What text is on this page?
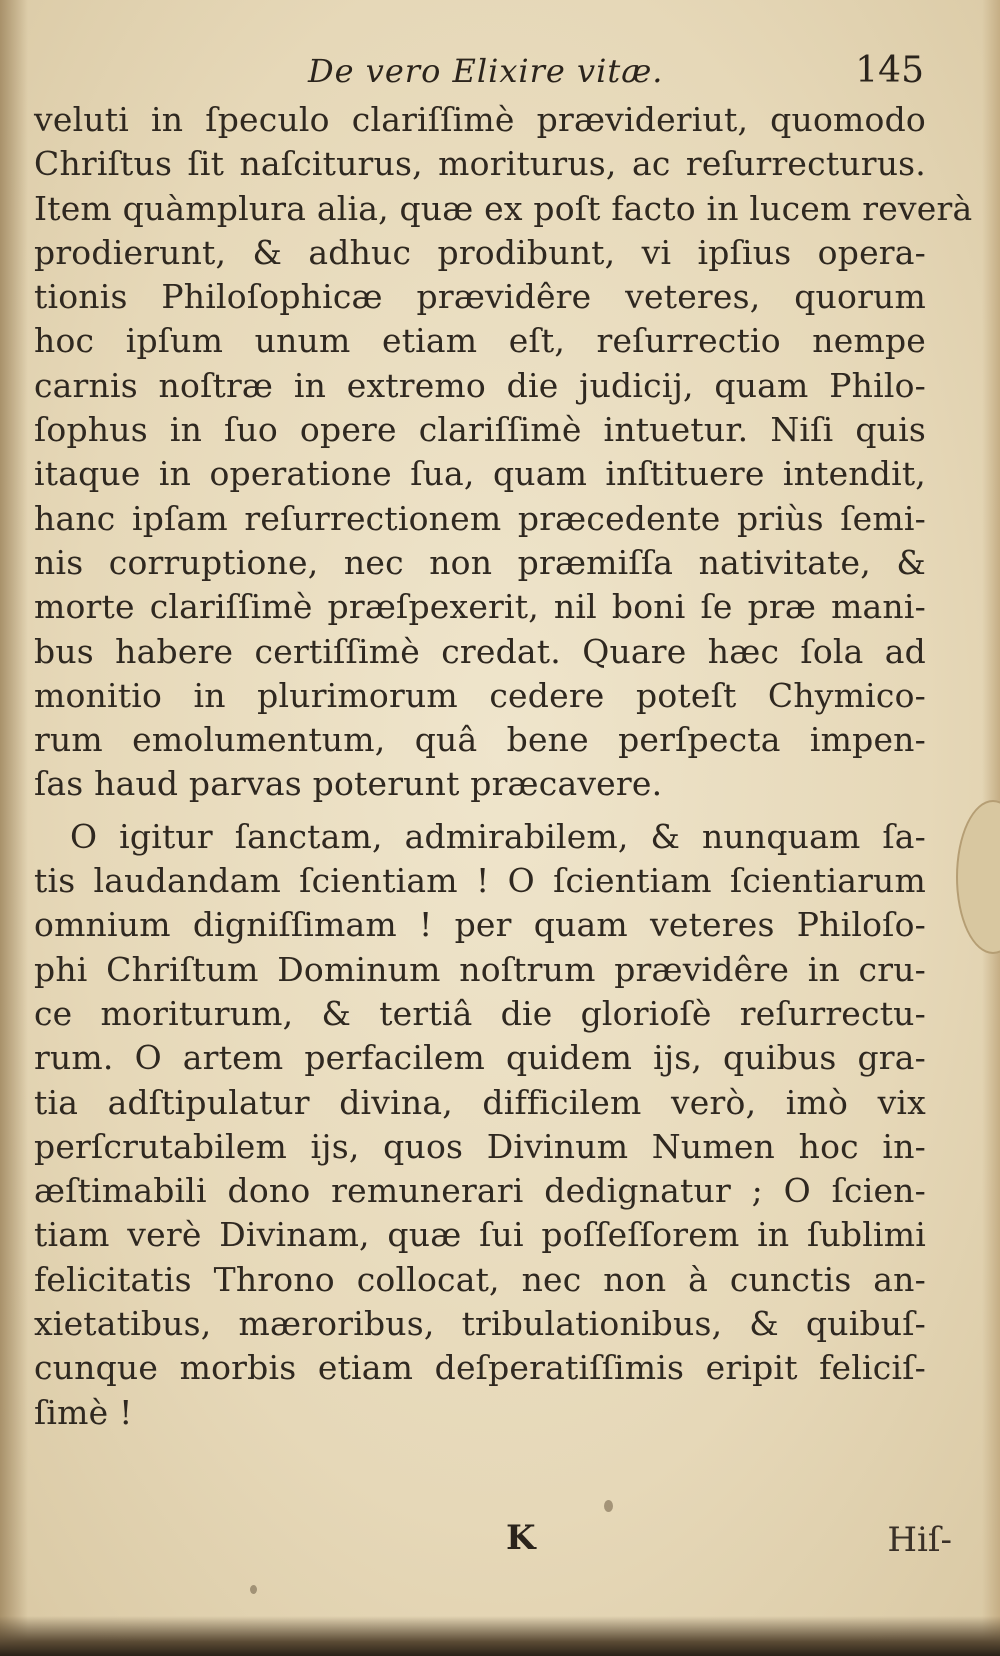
De vero Elixire vitæ.	145
veluti in ſpeculo clariſſimè prævideriut, quomodo
Chriſtus ſit naſciturus, moriturus, ac reſurrecturus.
Item quàmplura alia, quæ ex poſt facto in lucem reverà
prodierunt, & adhuc prodibunt, vi ipſius opera-
tionis Philoſophicæ prævidêre veteres, quorum
hoc ipſum unum etiam eſt, reſurrectio nempe
carnis noſtræ in extremo die judicij, quam Philo-
ſophus in ſuo opere clariſſimè intuetur. Niſi quis
itaque in operatione ſua, quam inſtituere intendit,
hanc ipſam reſurrectionem præcedente priùs ſemi-
nis corruptione, nec non præmiſſa nativitate, &
morte clariſſimè præſpexerit, nil boni ſe præ mani-
bus habere certiſſimè credat. Quare hæc ſola ad
monitio in plurimorum cedere poteſt Chymico-
rum emolumentum, quâ bene perſpecta impen-
ſas haud parvas poterunt præcavere.
O igitur ſanctam, admirabilem, & nunquam ſa-
tis laudandam ſcientiam ! O ſcientiam ſcientiarum
omnium digniſſimam ! per quam veteres Philoſo-
phi Chriſtum Dominum noſtrum prævidêre in cru-
ce moriturum, & tertiâ die glorioſè reſurrectu-
rum. O artem perfacilem quidem ijs, quibus gra-
tia adſtipulatur divina, difficilem verò, imò vix
perſcrutabilem ijs, quos Divinum Numen hoc in-
æſtimabili dono remunerari dedignatur ; O ſcien-
tiam verè Divinam, quæ ſui poſſeſſorem in ſublimi
felicitatis Throno collocat, nec non à cunctis an-
xietatibus, mæroribus, tribulationibus, & quibuſ-
cunque morbis etiam deſperatiſſimis eripit feliciſ-
ſimè !
K	Hiſ-
